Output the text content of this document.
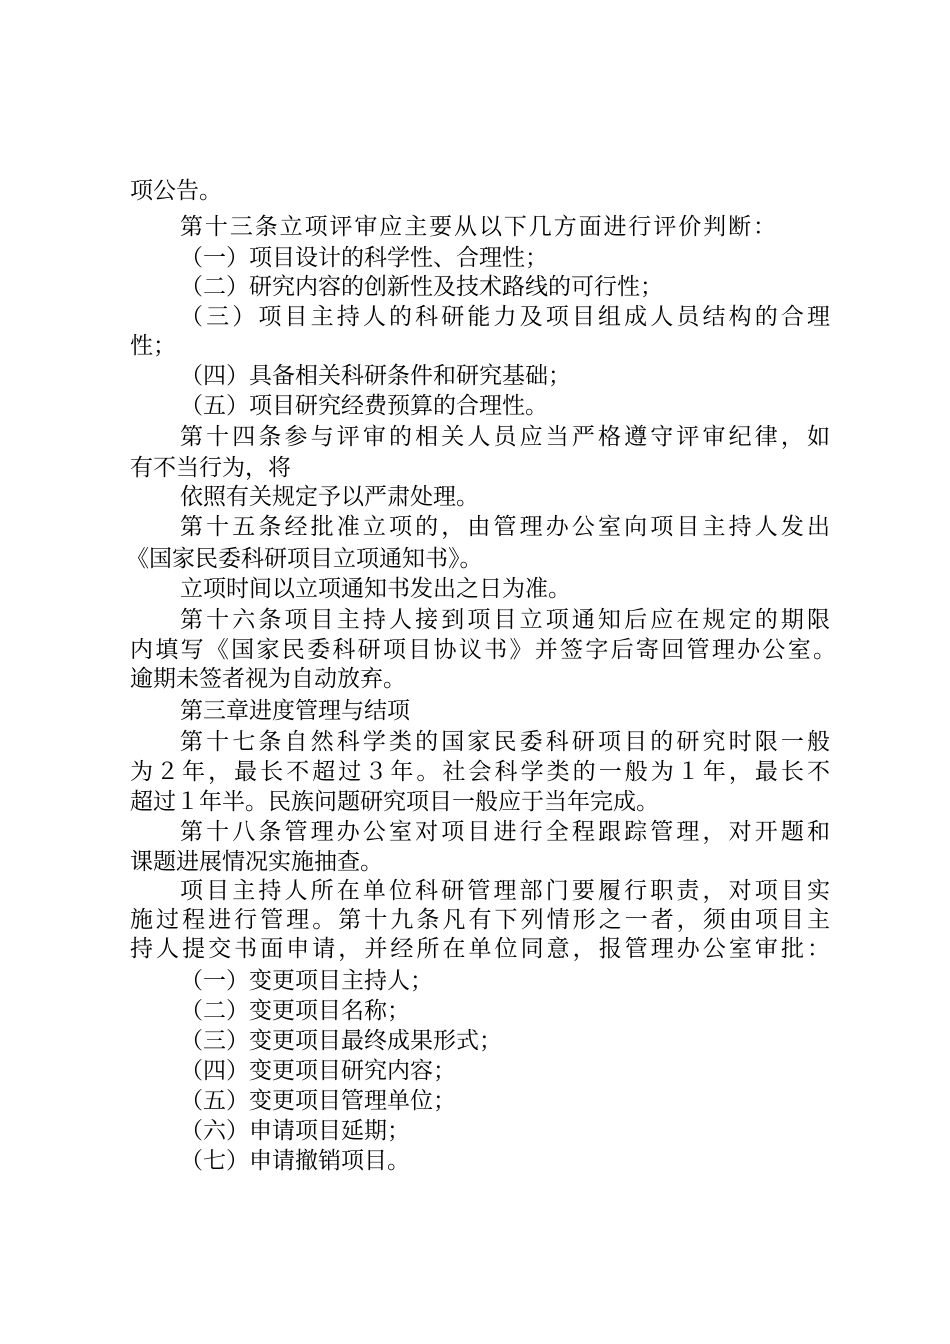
项公告。
第十三条立项评审应主要从以下几方面进行评价判断：
（一）项目设计的科学性、合理性；
（二）研究内容的创新性及技术路线的可行性；
（三）项目主持人的科研能力及项目组成人员结构的合理
性；
（四）具备相关科研条件和研究基础；
（五）项目研究经费预算的合理性。
第十四条参与评审的相关人员应当严格遵守评审纪律，如
有不当行为，将
依照有关规定予以严肃处理。
第十五条经批准立项的，由管理办公室向项目主持人发出
《国家民委科研项目立项通知书》。
立项时间以立项通知书发出之日为准。
第十六条项目主持人接到项目立项通知后应在规定的期限
内填写《国家民委科研项目协议书》并签字后寄回管理办公室。
逾期未签者视为自动放弃。
第三章进度管理与结项
第十七条自然科学类的国家民委科研项目的研究时限一般
为２年，最长不超过３年。社会科学类的一般为１年，最长不
超过１年半。民族问题研究项目一般应于当年完成。
第十八条管理办公室对项目进行全程跟踪管理，对开题和
课题进展情况实施抽查。
项目主持人所在单位科研管理部门要履行职责，对项目实
施过程进行管理。第十九条凡有下列情形之一者，须由项目主
持人提交书面申请，并经所在单位同意，报管理办公室审批：
（一）变更项目主持人；
（二）变更项目名称；
（三）变更项目最终成果形式；
（四）变更项目研究内容；
（五）变更项目管理单位；
（六）申请项目延期；
（七）申请撤销项目。
